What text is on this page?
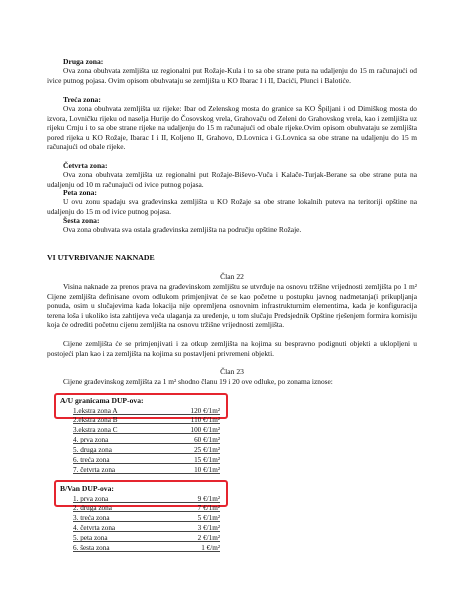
Druga zona:

Ova zona obuhvata zemljišta uz regionalni put Rožaje-Kula i to sa obe strane puta na udaljenju do 15 m računajući od ivice putnog pojasa. Ovim opisom obuhvataju se zemljišta u KO Ibarac I i II, Dacići, Plunci i Balotiće.

Treća zona:

Ova zona obuhvata zemljišta uz rijeke: Ibar od Zelenskog mosta do granice sa KO Špiljani i od Dimiškog mosta do izvora, Lovničku rijeku od naselja Hurije do Čosovskog vrela, Grahovaču od Zeleni do Grahovskog vrela, kao i zemljišta uz rijeku Crnju i to sa obe strane rijeke na udaljenju do 15 m računajući od obale rijeke.Ovim opisom obuhvataju se zemljišta pored rijeka u KO Rožaje, Ibarac I i II, Koljeno II, Grahovo, D.Lovnica i G.Lovnica sa obe strane na udaljenju do 15 m računajući od obale rijeke.

Četvrta zona:

Ova zona obuhvata zemljišta uz regionalni put Rožaje-Biševo-Vuča i Kalače-Turjak-Berane sa obe strane puta na udaljenju od 10 m računajući od ivice putnog pojasa.

Peta zona:

U ovu zonu spadaju sva građevinska zemljišta u KO Rožaje sa obe strane lokalnih puteva na teritoriji opštine na udaljenju do 15 m od ivice putnog pojasa.

Šesta zona:

Ova zona obuhvata sva ostala građevinska zemljišta na području opštine Rožaje.

VI UTVRĐIVANJE NAKNADE

Član 22

Visina naknade za prenos prava na građevinskom zemljištu se utvrđuje na osnovu tržišne vrijednosti zemljišta po 1 m² Cijene zemljišta definisane ovom odlukom primjenjivat će se kao početne u postupku javnog nadmetanja(i prikupljanja ponuda, osim u slučajevima kada lokacija nije opremljena osnovnim infrastrukturnim elementima, kada je konfiguracija terena loša i ukoliko ista zahtijeva veća ulaganja za uređenje, u tom slučaju Predsjednik Opštine rješenjem formira komisiju koja će odrediti početnu cijenu zemljišta na osnovu tržišne vrijednosti zemljišta.

Cijene zemljišta će se primjenjivati i za otkup zemljišta na kojima su bespravno podignuti objekti a uklopljeni u postojeći plan kao i za zemljišta na kojima su postavljeni privremeni objekti.

Član 23

Cijene građevinskog zemljišta za 1 m² shodno članu 19 i 20 ove odluke, po zonama iznose:

A/U granicama DUP-ova:

1.ekstra zona A	120 €/1m²
2.ekstra zona B	110 €/1m²
3.ekstra zona C	100 €/1m²
4. prva zona	60 €/1m²
5. druga zona	25 €/1m²
6. treća zona	15 €/1m²
7. četvrta zona	10 €/1m²

B/Van DUP-ova:

1. prva zona	9 €/1m²
2. druga zona	7 €/1m²
3. treća zona	5 €/1m²
4. četvrta zona	3 €/1m²
5. peta zona	2 €/1m²
6. šesta zona	1 €/m²
